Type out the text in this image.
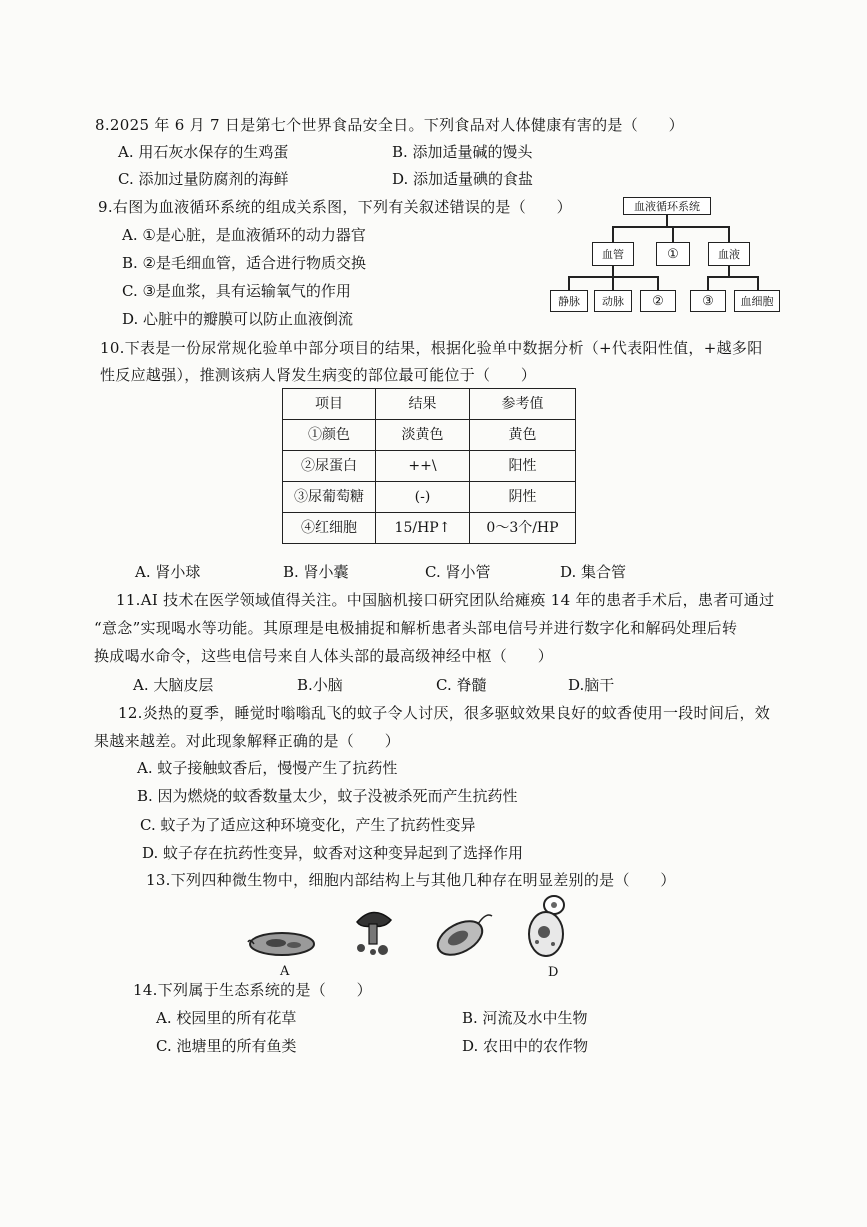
8.2025 年 6 月 7 日是第七个世界食品安全日。下列食品对人体健康有害的是（　　）
A. 用石灰水保存的生鸡蛋	B. 添加适量碱的馒头
C. 添加过量防腐剂的海鲜	D. 添加适量碘的食盐
9.右图为血液循环系统的组成关系图，下列有关叙述错误的是（　　）
A. ①是心脏，是血液循环的动力器官
B. ②是毛细血管，适合进行物质交换
C. ③是血浆，具有运输氧气的作用
D. 心脏中的瓣膜可以防止血液倒流
血液循环系统
血管	①	血液
静脉	动脉	②	③	血细胞
10.下表是一份尿常规化验单中部分项目的结果，根据化验单中数据分析（+代表阳性值，+越多阳
性反应越强），推测该病人肾发生病变的部位最可能位于（　　）
项目	结果	参考值
①颜色	淡黄色	黄色
②尿蛋白	++\	阳性
③尿葡萄糖	(-)	阴性
④红细胞	15/HP↑	0～3个/HP
A. 肾小球	B. 肾小囊	C. 肾小管	D. 集合管
11.AI 技术在医学领域值得关注。中国脑机接口研究团队给瘫痪 14 年的患者手术后，患者可通过
“意念”实现喝水等功能。其原理是电极捕捉和解析患者头部电信号并进行数字化和解码处理后转
换成喝水命令，这些电信号来自人体头部的最高级神经中枢（　　）
A. 大脑皮层	B.小脑	C. 脊髓	D.脑干
12.炎热的夏季，睡觉时嗡嗡乱飞的蚊子令人讨厌，很多驱蚊效果良好的蚊香使用一段时间后，效
果越来越差。对此现象解释正确的是（　　）
A. 蚊子接触蚊香后，慢慢产生了抗药性
B. 因为燃烧的蚊香数量太少，蚊子没被杀死而产生抗药性
C. 蚊子为了适应这种环境变化，产生了抗药性变异
D. 蚊子存在抗药性变异，蚊香对这种变异起到了选择作用
13.下列四种微生物中，细胞内部结构上与其他几种存在明显差别的是（　　）
A	D
14.下列属于生态系统的是（　　）
A. 校园里的所有花草	B. 河流及水中生物
C. 池塘里的所有鱼类	D. 农田中的农作物
